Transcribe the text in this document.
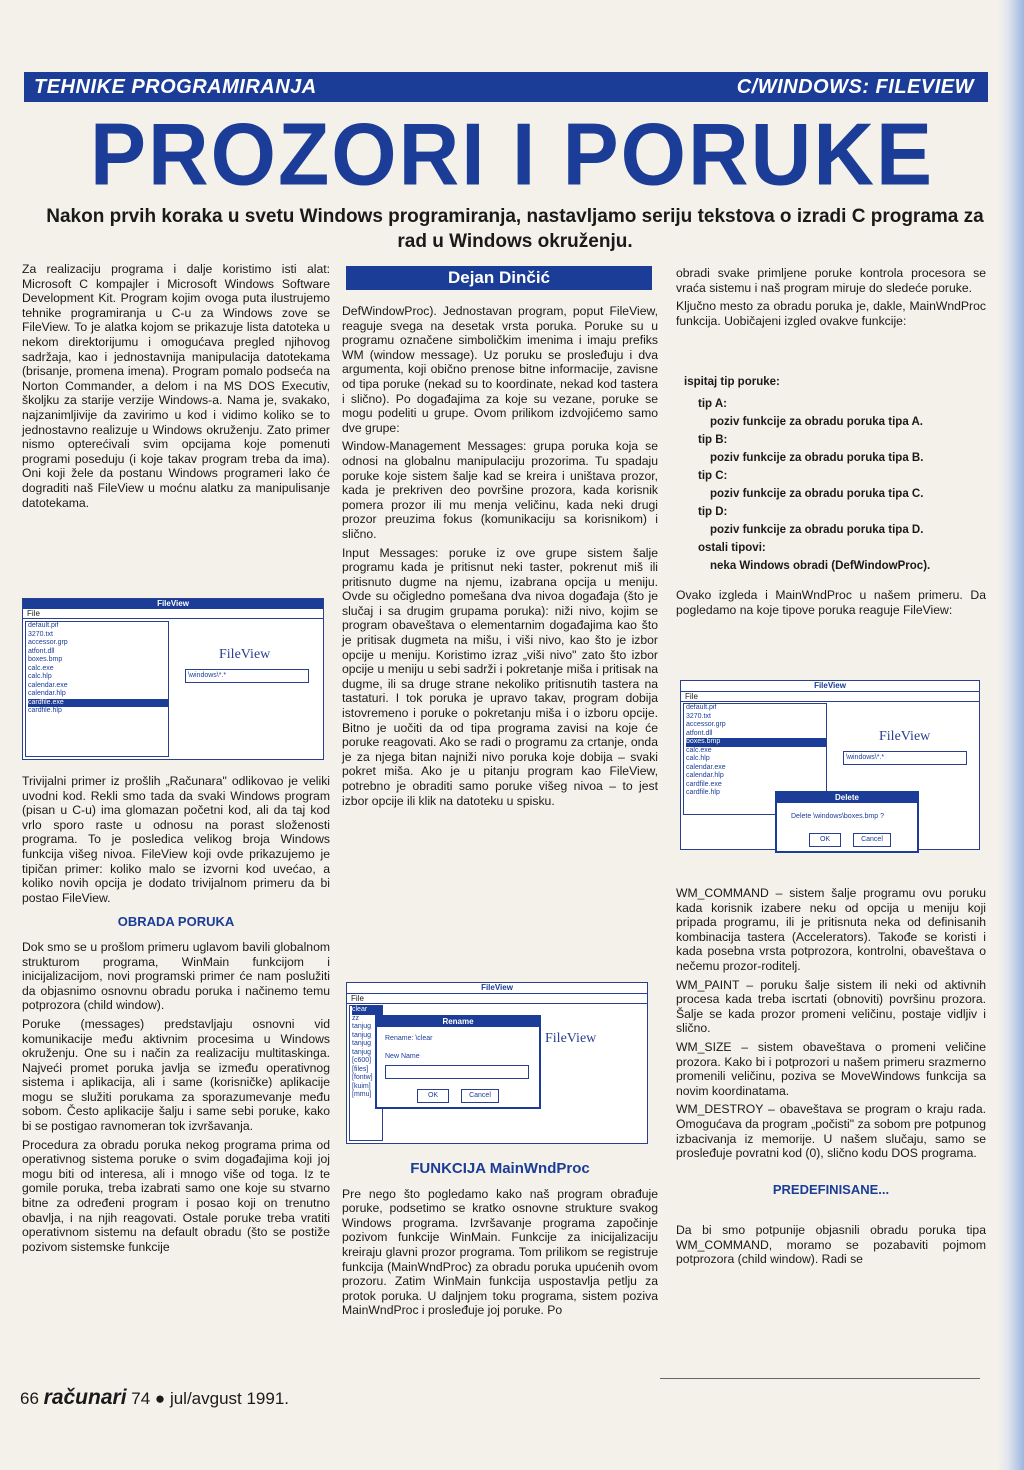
TEHNIKE PROGRAMIRANJA	C/WINDOWS: FILEVIEW
PROZORI I PORUKE
Nakon prvih koraka u svetu Windows programiranja, nastavljamo seriju tekstova o izradi C programa za rad u Windows okruženju.
Dejan Dinčić

Za realizaciju programa i dalje koristimo isti alat: Microsoft C kompajler i Microsoft Windows Software Development Kit. Program kojim ovoga puta ilustrujemo tehnike programiranja u C-u za Windows zove se FileView. To je alatka kojom se prikazuje lista datoteka u nekom direktorijumu i omogućava pregled njihovog sadržaja, kao i jednostavnija manipulacija datotekama (brisanje, promena imena). Program pomalo podseća na Norton Commander, a delom i na MS DOS Executiv, školjku za stariјe verzije Windows-a. Nama je, svakako, najzanimljivije da zavirimo u kod i vidimo koliko se to jednostavno realizuje u Windows okruženju. Zato primer nismo opterećivali svim opcijama koje pomenuti programi poseduju (i koje takav program treba da ima). Oni koji žele da postanu Windows programeri lako će dograditi naš FileView u moćnu alatku za manipulisanje datotekama.

FileView
File
default.pif
3270.txt
accessor.grp
atfont.dll
boxes.bmp
calc.exe
calc.hlp
calendar.exe
calendar.hlp
cardfile.exe
cardfile.hlp
FileView
\windows\*.*

Trivijalni primer iz prošlih „Računara" odlikovao je veliki uvodni kod. Rekli smo tada da svaki Windows program (pisan u C-u) ima glomazan početni kod, ali da taj kod vrlo sporo raste u odnosu na porast složenosti programa. To je posledica velikog broja Windows funkcija višeg nivoa. FileView koji ovde prikazujemo je tipičan primer: koliko malo se izvorni kod uvećao, a koliko novih opcija je dodato trivijalnom primeru da bi postao FileView.

OBRADA PORUKA

Dok smo se u prošlom primeru uglavom bavili globalnom strukturom programa, WinMain funkcijom i inicijalizacijom, novi programski primer će nam poslužiti da objasnimo osnovnu obradu poruka i načinemo temu potprozora (child window).

Poruke (messages) predstavljaju osnovni vid komunikacije među aktivnim procesima u Windows okruženju. One su i način za realizaciju multitaskinga. Najveći promet poruka javlja se između operativnog sistema i aplikacija, ali i same (korisničke) aplikacije mogu se služiti porukama za sporazumevanje među sobom. Često aplikacije šalju i same sebi poruke, kako bi se postigao ravnomeran tok izvršavanja.

Procedura za obradu poruka nekog programa prima od operativnog sistema poruke o svim događajima koji joj mogu biti od interesa, ali i mnogo više od toga. Iz te gomile poruka, treba izabrati samo one koje su stvarno bitne za određeni program i posao koji on trenutno obavlja, i na njih reagovati. Ostale poruke treba vratiti operativnom sistemu na default obradu (što se postiže pozivom sistemske funkcije

DefWindowProc). Jednostavan program, poput FileView, reaguje svega na desetak vrsta poruka. Poruke su u programu označene simboličkim imenima i imaju prefiks WM (window message). Uz poruku se prosleđuju i dva argumenta, koji obično prenose bitne informacije, zavisne od tipa poruke (nekad su to koordinate, nekad kod tastera i slično). Po događajima za koje su vezane, poruke se mogu podeliti u grupe. Ovom prilikom izdvojićemo samo dve grupe:

Window-Management Messages: grupa poruka koja se odnosi na globalnu manipulaciju prozorima. Tu spadaju poruke koje sistem šalje kad se kreira i uništava prozor, kada je prekriven deo površine prozora, kada korisnik pomera prozor ili mu menja veličinu, kada neki drugi prozor preuzima fokus (komunikaciju sa korisnikom) i slično.

Input Messages: poruke iz ove grupe sistem šalje programu kada je pritisnut neki taster, pokrenut miš ili pritisnuto dugme na njemu, izabrana opcija u meniju. Ovde su očigledno pomešana dva nivoa događaja (što je slučaj i sa drugim grupama poruka): niži nivo, kojim se program obaveštava o elementarnim događajima kao što je pritisak dugmeta na mišu, i viši nivo, kao što je izbor opcije u meniju. Koristimo izraz „viši nivo" zato što izbor opcije u meniju u sebi sadrži i pokretanje miša i pritisak na dugme, ili sa druge strane nekoliko pritisnutih tastera na tastaturi. I tok poruka je upravo takav, program dobija istovremeno i poruke o pokretanju miša i o izboru opcije. Bitno je uočiti da od tipa programa zavisi na koje će poruke reagovati. Ako se radi o programu za crtanje, onda je za njega bitan najniži nivo poruka koje dobija – svaki pokret miša. Ako je u pitanju program kao FileView, potrebno je obraditi samo poruke višeg nivoa – to jest izbor opcije ili klik na datoteku u spisku.

FileView
File
clear
zz
tanjug
tanjug
tanjug
tanjug
[c600]
[files]
[fontw]
[kuim]
[mmu]
FileView
Rename
Rename: \clear
New Name
OK	Cancel
FUNKCIJA MainWndProc

Pre nego što pogledamo kako naš program obrađuje poruke, podsetimo se kratko osnovne strukture svakog Windows programa. Izvršavanje programa započinje pozivom funkcije WinMain. Funkcije za inicijalizaciju kreiraju glavni prozor programa. Tom prilikom se registruje funkcija (MainWndProc) za obradu poruka upućenih ovom prozoru. Zatim WinMain funkcija uspostavlja petlju za protok poruka. U daljnjem toku programa, sistem poziva MainWndProc i prosleđuje joj poruke. Po

obradi svake primljene poruke kontrola procesora se vraća sistemu i naš program miruje do sledeće poruke.

Ključno mesto za obradu poruka je, dakle, MainWndProc funkcija. Uobičajeni izgled ovakve funkcije:

ispitaj tip poruke:
tip A:
poziv funkcije za obradu poruka tipa A.
tip B:
poziv funkcije za obradu poruka tipa B.
tip C:
poziv funkcije za obradu poruka tipa C.
tip D:
poziv funkcije za obradu poruka tipa D.
ostali tipovi:
neka Windows obradi (DefWindowProc).

Ovako izgleda i MainWndProc u našem primeru. Da pogledamo na koje tipove poruka reaguje FileView:

FileView
File
default.pif
3270.txt
accessor.grp
atfont.dll
boxes.bmp
calc.exe
calc.hlp
calendar.exe
calendar.hlp
cardfile.exe
cardfile.hlp
FileView
\windows\*.*
Delete
Delete \windows\boxes.bmp ?
OK	Cancel

WM_COMMAND – sistem šalje programu ovu poruku kada korisnik izabere neku od opcija u meniju koji pripada programu, ili je pritisnuta neka od definisanih kombinacija tastera (Accelerators). Takođe se koristi i kada posebna vrsta potprozora, kontrolni, obaveštava o nečemu prozor-roditelj.

WM_PAINT – poruku šalje sistem ili neki od aktivnih procesa kada treba iscrtati (obnoviti) površinu prozora. Šalje se kada prozor promeni veličinu, postaje vidljiv i slično.

WM_SIZE – sistem obaveštava o promeni veličine prozora. Kako bi i potprozori u našem primeru srazmerno promenili veličinu, poziva se MoveWindows funkcija sa novim koordinatama.

WM_DESTROY – obaveštava se program o kraju rada. Omogućava da program „počisti" za sobom pre potpunog izbacivanja iz memorije. U našem slučaju, samo se prosleđuje povratni kod (0), slično kodu DOS programa.

PREDEFINISANE...

Da bi smo potpunije objasnili obradu poruka tipa WM_COMMAND, moramo se pozabaviti pojmom potprozora (child window). Radi se

66 računari 74 ● jul/avgust 1991.
